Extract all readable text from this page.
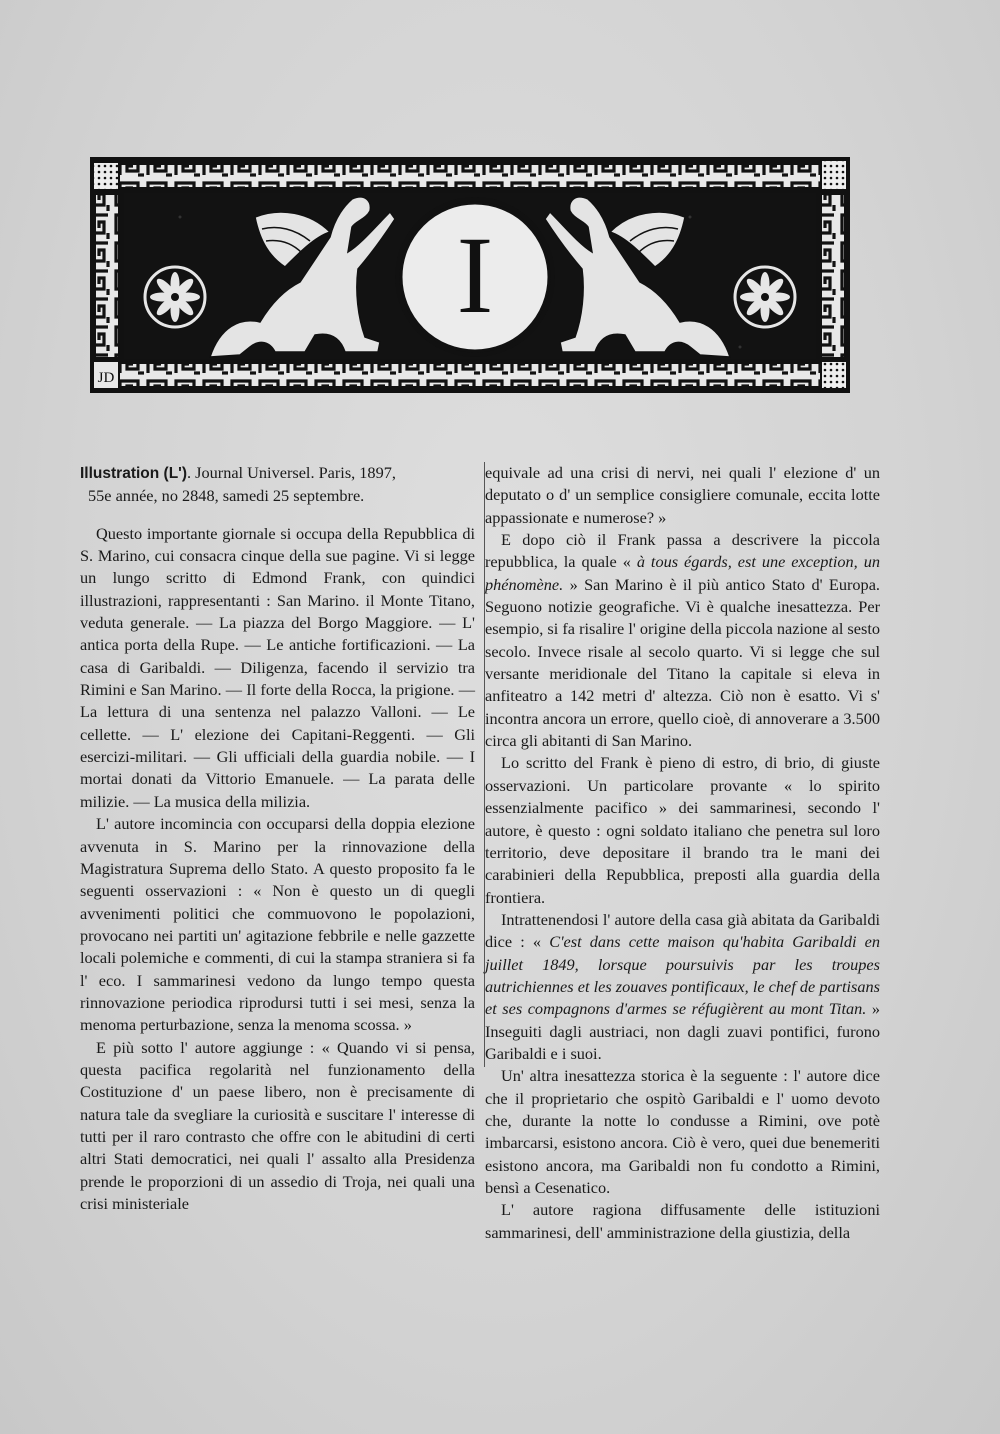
JD
I

Illustration (L'). Journal Universel. Paris, 1897,

55e année, no 2848, samedi 25 septembre.

Questo importante giornale si occupa della Repubblica di S. Marino, cui consacra cinque della sue pagine. Vi si legge un lungo scritto di Edmond Frank, con quindici illustrazioni, rappresentanti : San Marino. il Monte Titano, veduta generale. — La piazza del Borgo Maggiore. — L' antica porta della Rupe. — Le antiche fortificazioni. — La casa di Garibaldi. — Diligenza, facendo il servizio tra Rimini e San Marino. — Il forte della Rocca, la prigione. — La lettura di una sentenza nel palazzo Valloni. — Le cellette. — L' elezione dei Capitani-Reggenti. — Gli esercizi-militari. — Gli ufficiali della guardia nobile. — I mortai donati da Vittorio Emanuele. — La parata delle milizie. — La musica della milizia.

L' autore incomincia con occuparsi della doppia elezione avvenuta in S. Marino per la rinnovazione della Magistratura Suprema dello Stato. A questo proposito fa le seguenti osservazioni : « Non è questo un di quegli avvenimenti politici che commuovono le popolazioni, provocano nei partiti un' agitazione febbrile e nelle gazzette locali polemiche e commenti, di cui la stampa straniera si fa l' eco. I sammarinesi vedono da lungo tempo questa rinnovazione periodica riprodursi tutti i sei mesi, senza la menoma perturbazione, senza la menoma scossa. »

E più sotto l' autore aggiunge : « Quando vi si pensa, questa pacifica regolarità nel funzionamento della Costituzione d' un paese libero, non è precisamente di natura tale da svegliare la curiosità e suscitare l' interesse di tutti per il raro contrasto che offre con le abitudini di certi altri Stati democratici, nei quali l' assalto alla Presidenza prende le proporzioni di un assedio di Troja, nei quali una crisi ministeriale

equivale ad una crisi di nervi, nei quali l' elezione d' un deputato o d' un semplice consigliere comunale, eccita lotte appassionate e numerose? »

E dopo ciò il Frank passa a descrivere la piccola repubblica, la quale « à tous égards, est une exception, un phénomène. » San Marino è il più antico Stato d' Europa. Seguono notizie geografiche. Vi è qualche inesattezza. Per esempio, si fa risalire l' origine della piccola nazione al sesto secolo. Invece risale al secolo quarto. Vi si legge che sul versante meridionale del Titano la capitale si eleva in anfiteatro a 142 metri d' altezza. Ciò non è esatto. Vi s' incontra ancora un errore, quello cioè, di annoverare a 3.500 circa gli abitanti di San Marino.

Lo scritto del Frank è pieno di estro, di brio, di giuste osservazioni. Un particolare provante « lo spirito essenzialmente pacifico » dei sammarinesi, secondo l' autore, è questo : ogni soldato italiano che penetra sul loro territorio, deve depositare il brando tra le mani dei carabinieri della Repubblica, preposti alla guardia della frontiera.

Intrattenendosi l' autore della casa già abitata da Garibaldi dice : « C'est dans cette maison qu'habita Garibaldi en juillet 1849, lorsque poursuivis par les troupes autrichiennes et les zouaves pontificaux, le chef de partisans et ses compagnons d'armes se réfugièrent au mont Titan. » Inseguiti dagli austriaci, non dagli zuavi pontifici, furono Garibaldi e i suoi.

Un' altra inesattezza storica è la seguente : l' autore dice che il proprietario che ospitò Garibaldi e l' uomo devoto che, durante la notte lo condusse a Rimini, ove potè imbarcarsi, esistono ancora. Ciò è vero, quei due benemeriti esistono ancora, ma Garibaldi non fu condotto a Rimini, bensì a Cesenatico.

L' autore ragiona diffusamente delle istituzioni sammarinesi, dell' amministrazione della giustizia, della
